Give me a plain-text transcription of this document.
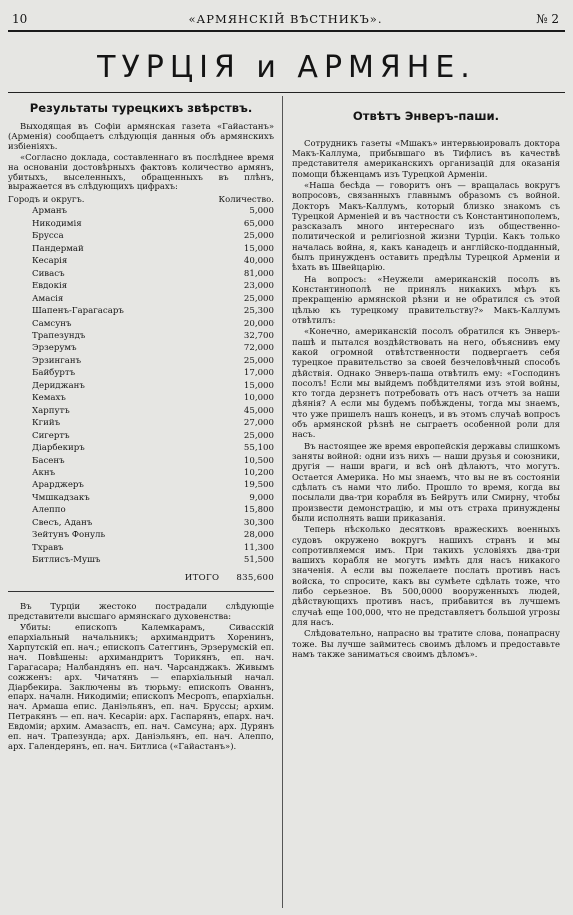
10	«АРМЯНСКІЙ ВѢСТНИКЪ».	№ 2
ТУРЦІЯ и АРМЯНЕ.
Результаты турецкихъ звѣрствъ.

Выходящая въ Софіи армянская газета «Гайастанъ» (Арменія) сообщаетъ слѣдующія данныя объ армянскихъ избіеніяхъ.

«Согласно доклада, составленнаго въ послѣднее время на основаніи достовѣрныхъ фактовъ количество армянъ, убитыхъ, выселенныхъ, обращенныхъ въ плѣнъ, выражается въ слѣдующихъ цифрахъ:

Городъ и округъ.	Количество.
Арманъ	5,000
Никодимія	65,000
Бруcса	25,000
Пандермай	15,000
Кесарія	40,000
Сивасъ	81,000
Евдокія	23,000
Амасія	25,000
Шапенъ-Гарагасаръ	25,300
Самсунъ	20,000
Трапезундъ	32,700
Эрзерумъ	72,000
Эрзинганъ	25,000
Байбуртъ	17,000
Дериджанъ	15,000
Кемахъ	10,000
Харпутъ	45,000
Кгийъ	27,000
Сигертъ	25,000
Діарбекиръ	55,100
Басенъ	10,500
Акнъ	10,200
Арарджеръ	19,500
Чмшкадзакъ	9,000
Алеппо	15,800
Свесъ, Аданъ	30,300
Зейтунъ Фонуль	28,000
Тхравъ	11,300
Битлисъ-Мушъ	51,500
ИТОГО 835,600

Въ Турціи жестоко пострадали слѣдующіе представители высшаго армянскаго духовенства:

Убиты: епископъ Калемкарамъ, Сивасскій епархіальный начальникъ; архимандритъ Хоренинъ, Харпутскій еп. нач.; епископъ Сатеггинъ, Эрзерумскій еп. нач. Повѣшены: архимандритъ Торикянъ, еп. нач. Гарагасара; Налбандянъ еп. нач. Чарсанджакъ. Живымъ сожженъ: арх. Чичатянъ — епархіальный начал. Діарбекира. Заключены въ тюрьму: епископъ Ованнъ, епарх. началн. Никодиміи; епископъ Месропъ, епархіальн. нач. Армаша епис. Даніэльянъ, еп. нач. Бруссы; архим. Петракянъ — еп. нач. Кесаріи: арх. Гаспарянъ, епарх. нач. Евдоміи; архим. Амазаспъ, еп. нач. Самсуна; арх. Дурянъ еп. нач. Трапезунда; арх. Даніэльянъ, еп. нач. Алеппо, арх. Галендерянъ, еп. нач. Битлиса («Гайастанъ»).

Отвѣтъ Энверъ-паши.

Сотрудникъ газеты «Мшакъ» интервьюировалъ доктора Макъ-Каллума, прибывшаго въ Тифлисъ въ качествѣ представителя американскихъ организацій для оказанія помощи бѣженцамъ изъ Турецкой Арменіи.

«Наша бесѣда — говоритъ онъ — вращалась вокругъ вопросовъ, связанныхъ главнымъ образомъ съ войной. Докторъ Макъ-Каллумъ, который близко знакомъ съ Турецкой Арменіей и въ частности съ Константинополемъ, разсказалъ много интереснаго изъ общественно-политической и религіозной жизни Турціи. Какъ только началась война, я, какъ канадецъ и англійско-подданный, былъ принужденъ оставить предѣлы Турецкой Арменіи и ѣхать въ Швейцарію.

На вопросъ: «Неужели американскій посолъ въ Константинополѣ не принялъ никакихъ мѣръ къ прекращенію армянской рѣзни и не обратился съ этой цѣлью къ турецкому правительству?» Макъ-Каллумъ отвѣтилъ:

«Конечно, американскій посолъ обратился къ Энверъ-пашѣ и пытался воздѣйствовать на него, объяснивъ ему какой огромной отвѣтственности подвергаетъ себя турецкое правительство за своей безчеловѣчный способъ дѣйствія. Однако Энверъ-паша отвѣтилъ ему: «Господинъ посолъ! Если мы выйдемъ побѣдителями изъ этой войны, кто тогда дерзнетъ потребовать отъ насъ отчетъ за наши дѣянія? А если мы будемъ побѣждены, тогда мы знаемъ, что уже пришелъ нашъ конецъ, и въ этомъ случаѣ вопросъ объ армянской рѣзнѣ не сыграетъ особенной роли для насъ.

Въ настоящее же время европейскія державы слишкомъ заняты войной: одни изъ нихъ — наши друзья и союзники, другія — наши враги, и всѣ онѣ дѣлаютъ, что могутъ. Остается Америка. Но мы знаемъ, что вы не въ состояніи сдѣлать съ нами что либо. Прошло то время, когда вы посылали два-три корабля въ Бейрутъ или Смирну, чтобы произвести демонстрацію, и мы отъ страха принуждены были исполнять ваши приказанія.

Теперь нѣсколько десятковъ вражескихъ военныхъ судовъ окружено вокругъ нашихъ странъ и мы сопротивляемся имъ. При такихъ условіяхъ два-три вашихъ корабля не могутъ имѣть для насъ никакого значенія. А если вы пожелаете послать противъ насъ войска, то спросите, какъ вы сумѣете сдѣлать тоже, что либо серьезное. Въ 500,0000 вооруженныхъ людей, дѣйствующихъ противъ насъ, прибавится въ лучшемъ случаѣ еще 100,000, что не представляетъ большой угрозы для насъ.

Слѣдовательно, напрасно вы тратите слова, понапрасну тоже. Вы лучше займитесь своимъ дѣломъ и предоставьте намъ также заниматься своимъ дѣломъ».
